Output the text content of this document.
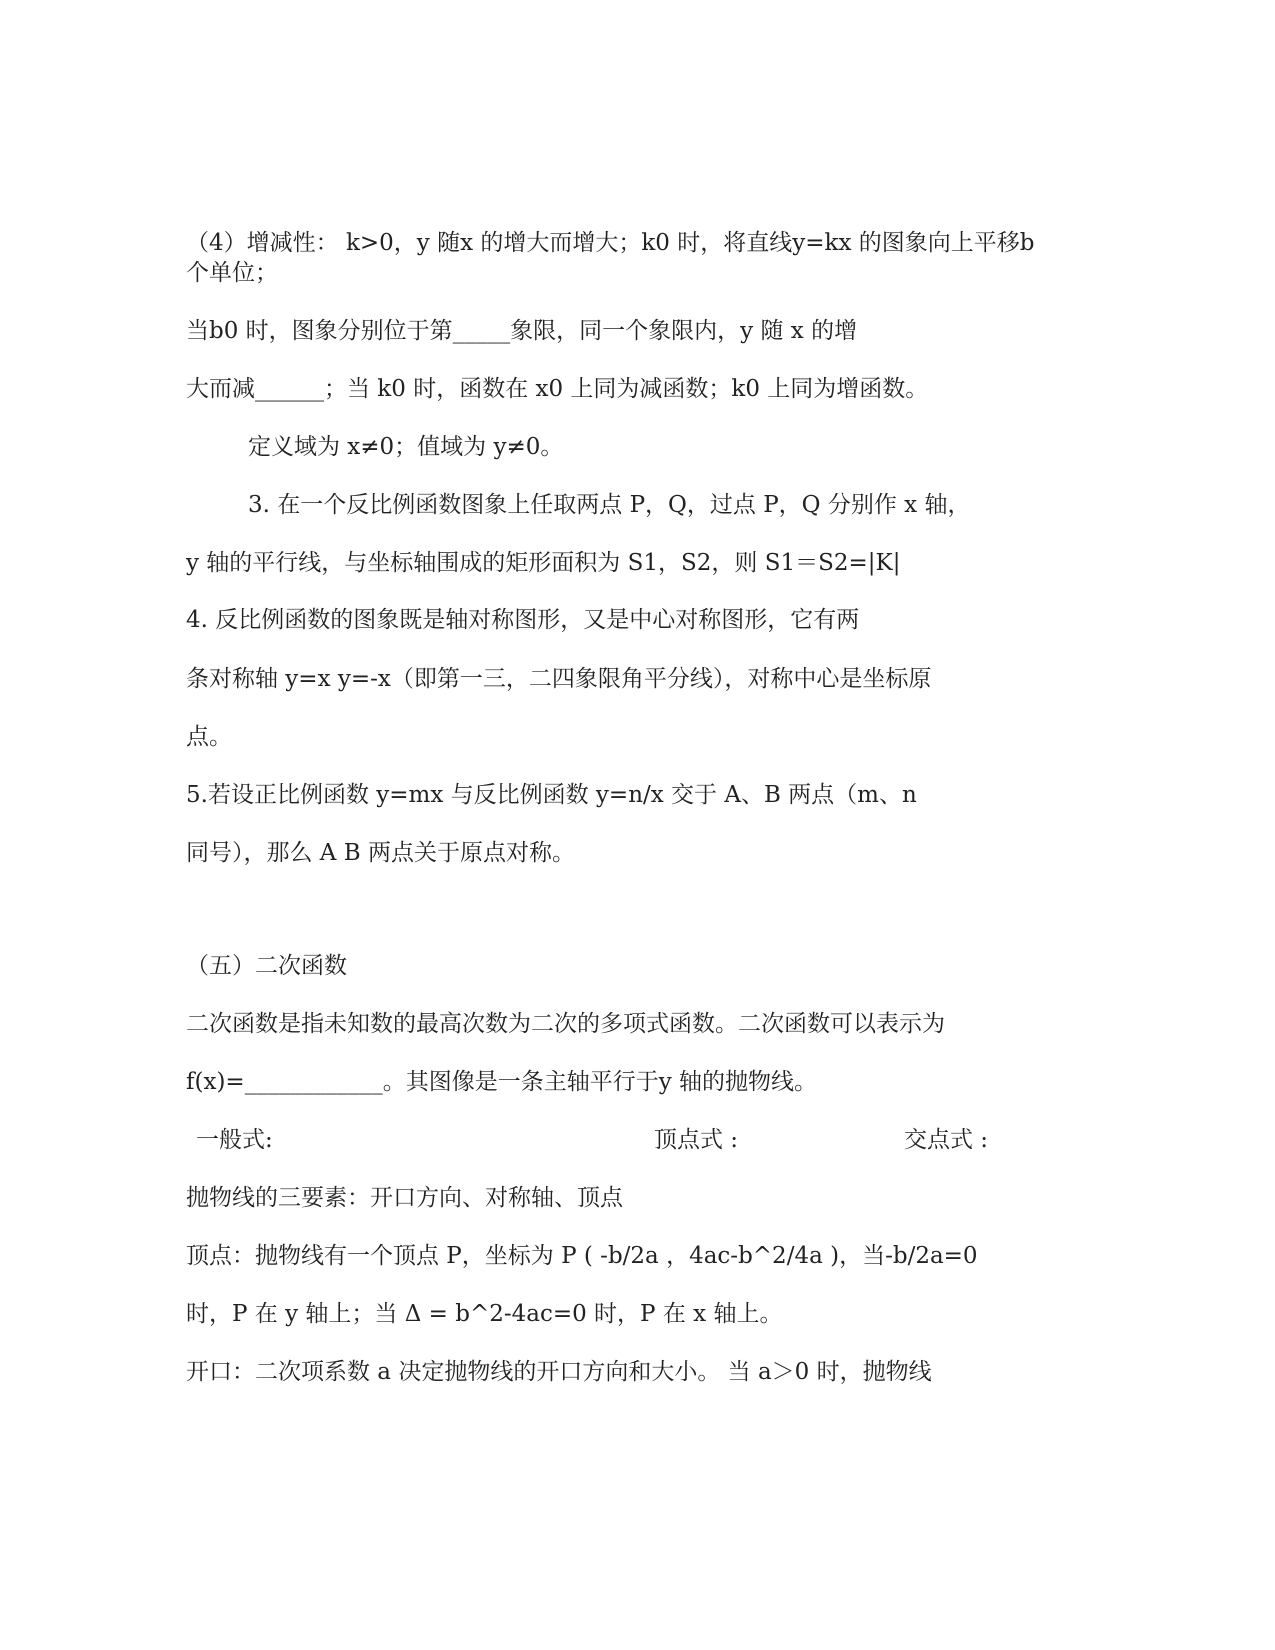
（4）增减性： k>0，y 随x 的增大而增大；k0 时，将直线y=kx 的图象向上平移b
个单位；
当b0 时，图象分别位于第_____象限，同一个象限内，y 随 x 的增
大而减______；当 k0 时，函数在 x0 上同为减函数；k0 上同为增函数。
定义域为 x≠0；值域为 y≠0。
3. 在一个反比例函数图象上任取两点 P，Q，过点 P，Q 分别作 x 轴，
y 轴的平行线，与坐标轴围成的矩形面积为 S1，S2，则 S1＝S2=|K|
4. 反比例函数的图象既是轴对称图形，又是中心对称图形，它有两
条对称轴 y=x y=-x（即第一三，二四象限角平分线），对称中心是坐标原
点。
5.若设正比例函数 y=mx 与反比例函数 y=n/x 交于 A、B 两点（m、n
同号），那么 A B 两点关于原点对称。
（五）二次函数
二次函数是指未知数的最高次数为二次的多项式函数。二次函数可以表示为
f(x)=____________。其图像是一条主轴平行于y 轴的抛物线。
一般式:	顶点式 :	交点式 :
抛物线的三要素：开口方向、对称轴、顶点
顶点：抛物线有一个顶点 P，坐标为 P ( -b/2a ，4ac-b^2/4a )，当-b/2a=0
时，P 在 y 轴上；当 Δ = b^2-4ac=0 时，P 在 x 轴上。
开口：二次项系数 a 决定抛物线的开口方向和大小。 当 a＞0 时，抛物线
